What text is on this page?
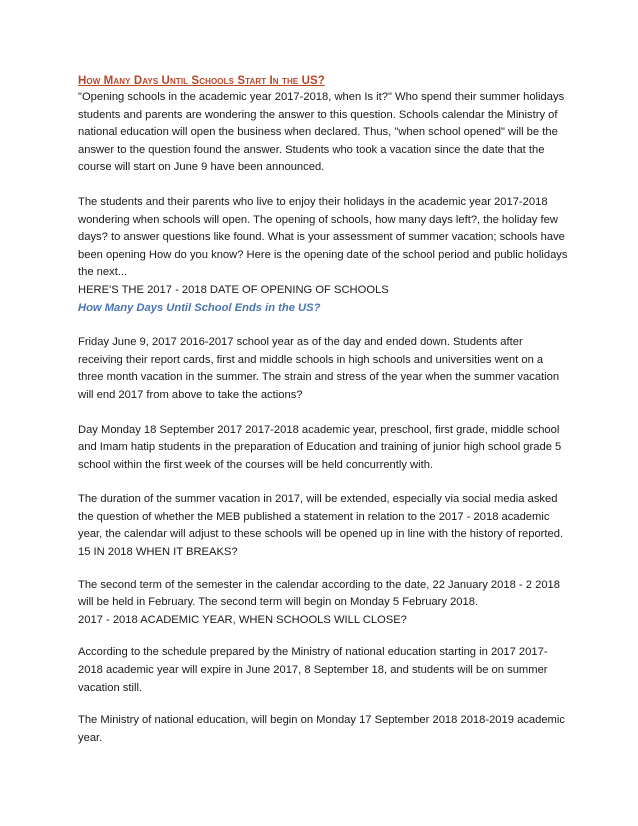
How Many Days Until Schools Start In the US?

"Opening schools in the academic year 2017-2018, when Is it?" Who spend their summer holidays students and parents are wondering the answer to this question. Schools calendar the Ministry of national education will open the business when declared. Thus, "when school opened" will be the answer to the question found the answer. Students who took a vacation since the date that the course will start on June 9 have been announced.

The students and their parents who live to enjoy their holidays in the academic year 2017-2018 wondering when schools will open. The opening of schools, how many days left?, the holiday few days? to answer questions like found. What is your assessment of summer vacation; schools have been opening How do you know? Here is the opening date of the school period and public holidays the next...

HERE'S THE 2017 - 2018 DATE OF OPENING OF SCHOOLS

How Many Days Until School Ends in the US?

Friday June 9, 2017 2016-2017 school year as of the day and ended down. Students after receiving their report cards, first and middle schools in high schools and universities went on a three month vacation in the summer. The strain and stress of the year when the summer vacation will end 2017 from above to take the actions?

Day Monday 18 September 2017 2017-2018 academic year, preschool, first grade, middle school and Imam hatip students in the preparation of Education and training of junior high school grade 5 school within the first week of the courses will be held concurrently with.

The duration of the summer vacation in 2017, will be extended, especially via social media asked the question of whether the MEB published a statement in relation to the 2017 - 2018 academic year, the calendar will adjust to these schools will be opened up in line with the history of reported.

15 IN 2018 WHEN IT BREAKS?

The second term of the semester in the calendar according to the date, 22 January 2018 - 2 2018 will be held in February. The second term will begin on Monday 5 February 2018.

2017 - 2018 ACADEMIC YEAR, WHEN SCHOOLS WILL CLOSE?

According to the schedule prepared by the Ministry of national education starting in 2017 2017-2018 academic year will expire in June 2017, 8 September 18, and students will be on summer vacation still.

The Ministry of national education, will begin on Monday 17 September 2018 2018-2019 academic year.
